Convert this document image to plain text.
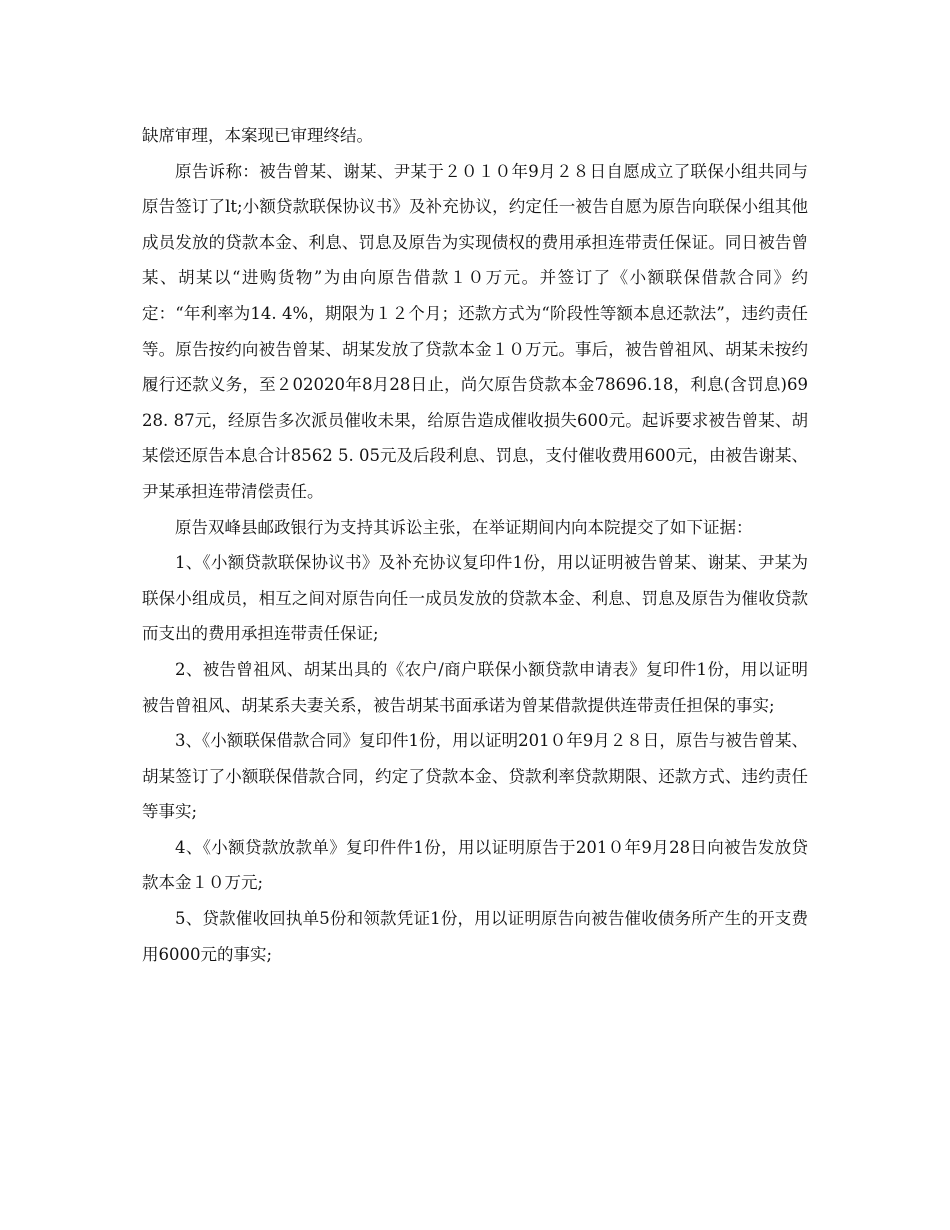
缺席审理，本案现已审理终结。

原告诉称：被告曾某、谢某、尹某于２０１０年9月２８日自愿成立了联保小组共同与原告签订了lt;小额贷款联保协议书》及补充协议，约定任一被告自愿为原告向联保小组其他成员发放的贷款本金、利息、罚息及原告为实现债权的费用承担连带责任保证。同日被告曾某、胡某以“进购货物”为由向原告借款１０万元。并签订了《小额联保借款合同》约定：“年利率为14. 4%，期限为１２个月；还款方式为“阶段性等额本息还款法”，违约责任等。原告按约向被告曾某、胡某发放了贷款本金１０万元。事后，被告曾祖风、胡某未按约履行还款义务，至２02020年8月28日止，尚欠原告贷款本金78696.18，利息(含罚息)6928. 87元，经原告多次派员催收未果，给原告造成催收损失600元。起诉要求被告曾某、胡某偿还原告本息合计8562 5. 05元及后段利息、罚息，支付催收费用600元，由被告谢某、尹某承担连带清偿责任。

原告双峰县邮政银行为支持其诉讼主张，在举证期间内向本院提交了如下证据：

1、《小额贷款联保协议书》及补充协议复印件1份，用以证明被告曾某、谢某、尹某为联保小组成员，相互之间对原告向任一成员发放的贷款本金、利息、罚息及原告为催收贷款而支出的费用承担连带责任保证;

2、被告曾祖风、胡某出具的《农户/商户联保小额贷款申请表》复印件1份，用以证明被告曾祖风、胡某系夫妻关系，被告胡某书面承诺为曾某借款提供连带责任担保的事实;

3、《小额联保借款合同》复印件1份，用以证明201０年9月２８日，原告与被告曾某、胡某签订了小额联保借款合同，约定了贷款本金、贷款利率贷款期限、还款方式、违约责任等事实;

4、《小额贷款放款单》复印件件1份，用以证明原告于201０年9月28日向被告发放贷款本金１０万元;

5、贷款催收回执单5份和领款凭证1份，用以证明原告向被告催收债务所产生的开支费用6000元的事实;
